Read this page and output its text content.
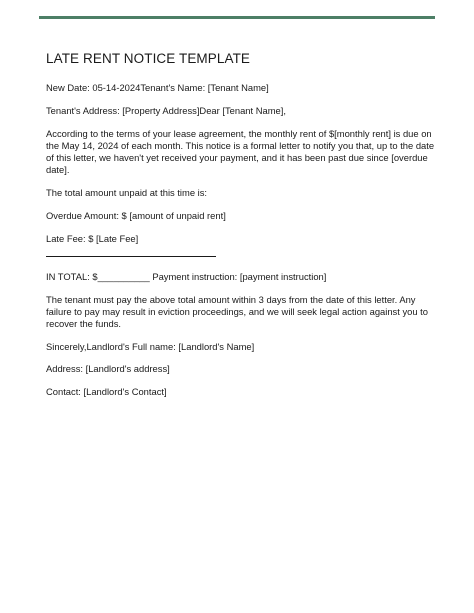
LATE RENT NOTICE TEMPLATE

New Date: 05-14-2024Tenant's Name: [Tenant Name]

Tenant's Address: [Property Address]Dear [Tenant Name],

According to the terms of your lease agreement, the monthly rent of $[monthly rent] is due on the May 14, 2024 of each month. This notice is a formal letter to notify you that, up to the date of this letter, we haven't yet received your payment, and it has been past due since [overdue date].

The total amount unpaid at this time is:

Overdue Amount: $ [amount of unpaid rent]

Late Fee: $ [Late Fee]

IN TOTAL: $__________ Payment instruction: [payment instruction]

The tenant must pay the above total amount within 3 days from the date of this letter. Any failure to pay may result in eviction proceedings, and we will seek legal action against you to recover the funds.

Sincerely,Landlord's Full name: [Landlord's Name]

Address: [Landlord's address]

Contact: [Landlord's Contact]
